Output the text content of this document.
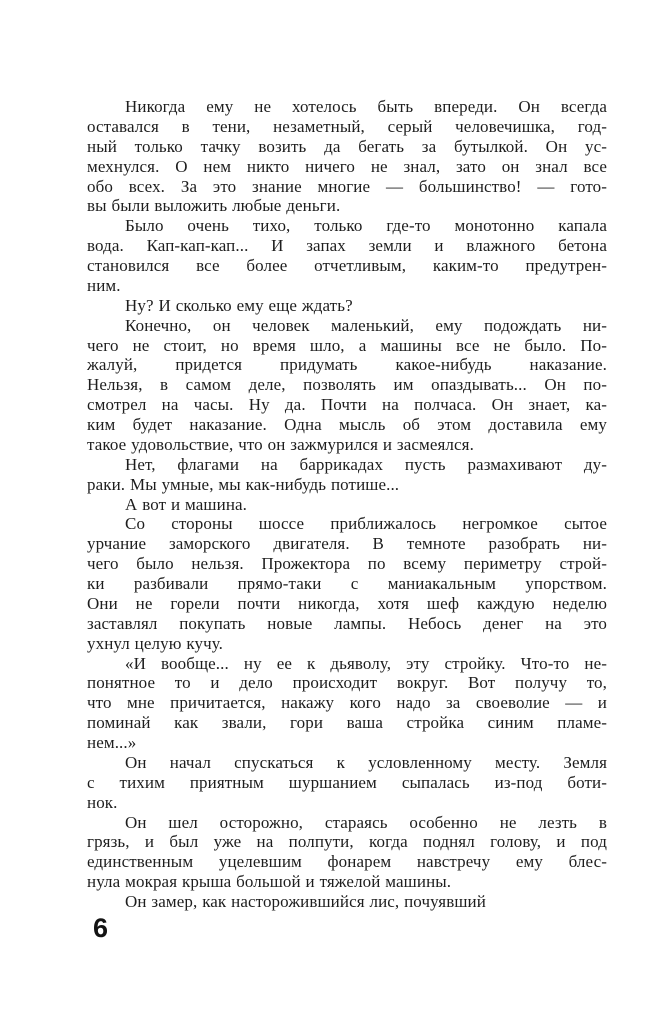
Никогда ему не хотелось быть впереди. Он всегда
оставался в тени, незаметный, серый человечишка, год-
ный только тачку возить да бегать за бутылкой. Он ус-
мехнулся. О нем никто ничего не знал, зато он знал все
обо всех. За это знание многие — большинство! — гото-
вы были выложить любые деньги.

Было очень тихо, только где-то монотонно капала
вода. Кап-кап-кап... И запах земли и влажного бетона
становился все более отчетливым, каким-то предутрен-
ним.

Ну? И сколько ему еще ждать?

Конечно, он человек маленький, ему подождать ни-
чего не стоит, но время шло, а машины все не было. По-
жалуй, придется придумать какое-нибудь наказание.
Нельзя, в самом деле, позволять им опаздывать... Он по-
смотрел на часы. Ну да. Почти на полчаса. Он знает, ка-
ким будет наказание. Одна мысль об этом доставила ему
такое удовольствие, что он зажмурился и засмеялся.

Нет, флагами на баррикадах пусть размахивают ду-
раки. Мы умные, мы как-нибудь потише...

А вот и машина.

Со стороны шоссе приближалось негромкое сытое
урчание заморского двигателя. В темноте разобрать ни-
чего было нельзя. Прожектора по всему периметру строй-
ки разбивали прямо-таки с маниакальным упорством.
Они не горели почти никогда, хотя шеф каждую неделю
заставлял покупать новые лампы. Небось денег на это
ухнул целую кучу.

«И вообще... ну ее к дьяволу, эту стройку. Что-то не-
понятное то и дело происходит вокруг. Вот получу то,
что мне причитается, накажу кого надо за своеволие — и
поминай как звали, гори ваша стройка синим пламе-
нем...»

Он начал спускаться к условленному месту. Земля
с тихим приятным шуршанием сыпалась из-под боти-
нок.

Он шел осторожно, стараясь особенно не лезть в
грязь, и был уже на полпути, когда поднял голову, и под
единственным уцелевшим фонарем навстречу ему блес-
нула мокрая крыша большой и тяжелой машины.

Он замер, как насторожившийся лис, почуявший

6
